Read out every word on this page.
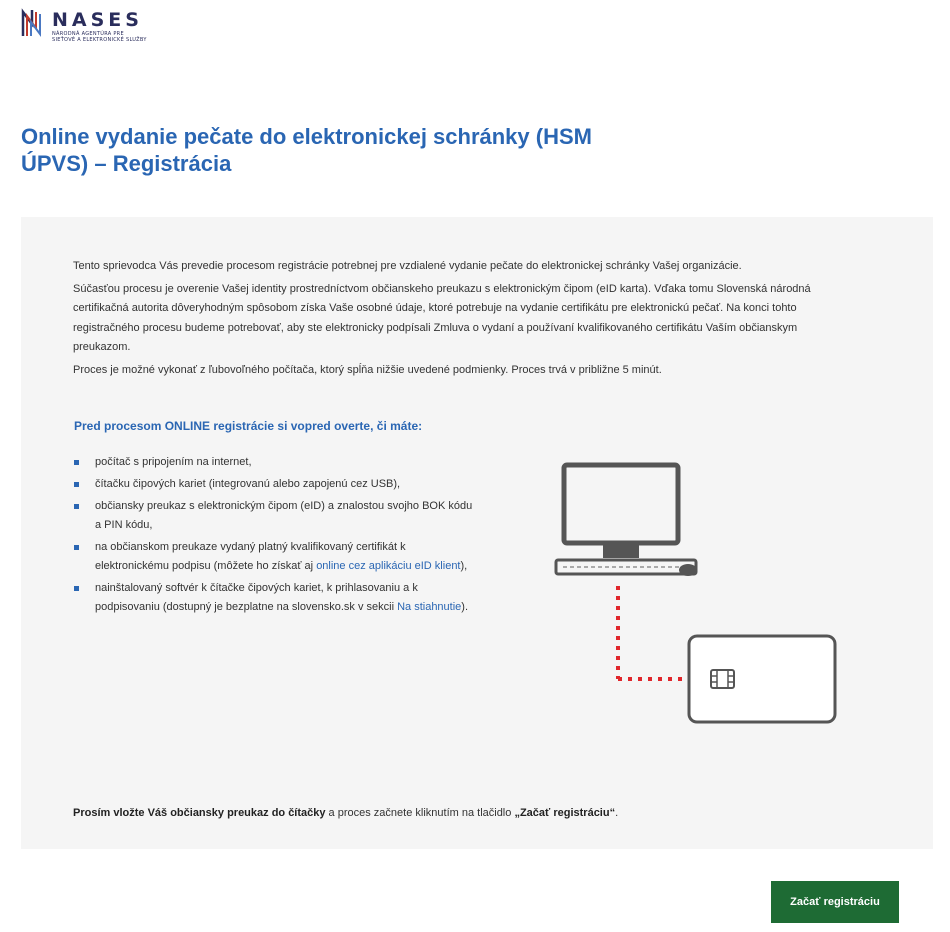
NASES
NÁRODNÁ AGENTÚRA PRE SIEŤOVÉ A ELEKTRONICKÉ SLUŽBY
Online vydanie pečate do elektronickej schránky (HSM ÚPVS) – Registrácia

Tento sprievodca Vás prevedie procesom registrácie potrebnej pre vzdialené vydanie pečate do elektronickej schránky Vašej organizácie.

Súčasťou procesu je overenie Vašej identity prostredníctvom občianskeho preukazu s elektronickým čipom (eID karta). Vďaka tomu Slovenská národná certifikačná autorita dôveryhodným spôsobom získa Vaše osobné údaje, ktoré potrebuje na vydanie certifikátu pre elektronickú pečať. Na konci tohto registračného procesu budeme potrebovať, aby ste elektronicky podpísali Zmluva o vydaní a používaní kvalifikovaného certifikátu Vaším občianskym preukazom.

Proces je možné vykonať z ľubovoľného počítača, ktorý spĺňa nižšie uvedené podmienky. Proces trvá v približne 5 minút.

Pred procesom ONLINE registrácie si vopred overte, či máte:
počítač s pripojením na internet,
čítačku čipových kariet (integrovanú alebo zapojenú cez USB),
občiansky preukaz s elektronickým čipom (eID) a znalostou svojho BOK kódu a PIN kódu,
na občianskom preukaze vydaný platný kvalifikovaný certifikát k elektronickému podpisu (môžete ho získať aj online cez aplikáciu eID klient),
nainštalovaný softvér k čítačke čipových kariet, k prihlasovaniu a k podpisovaniu (dostupný je bezplatne na slovensko.sk v sekcii Na stiahnutie).
Prosím vložte Váš občiansky preukaz do čítačky a proces začnete kliknutím na tlačidlo „Začať registráciu“.
Začať registráciu
